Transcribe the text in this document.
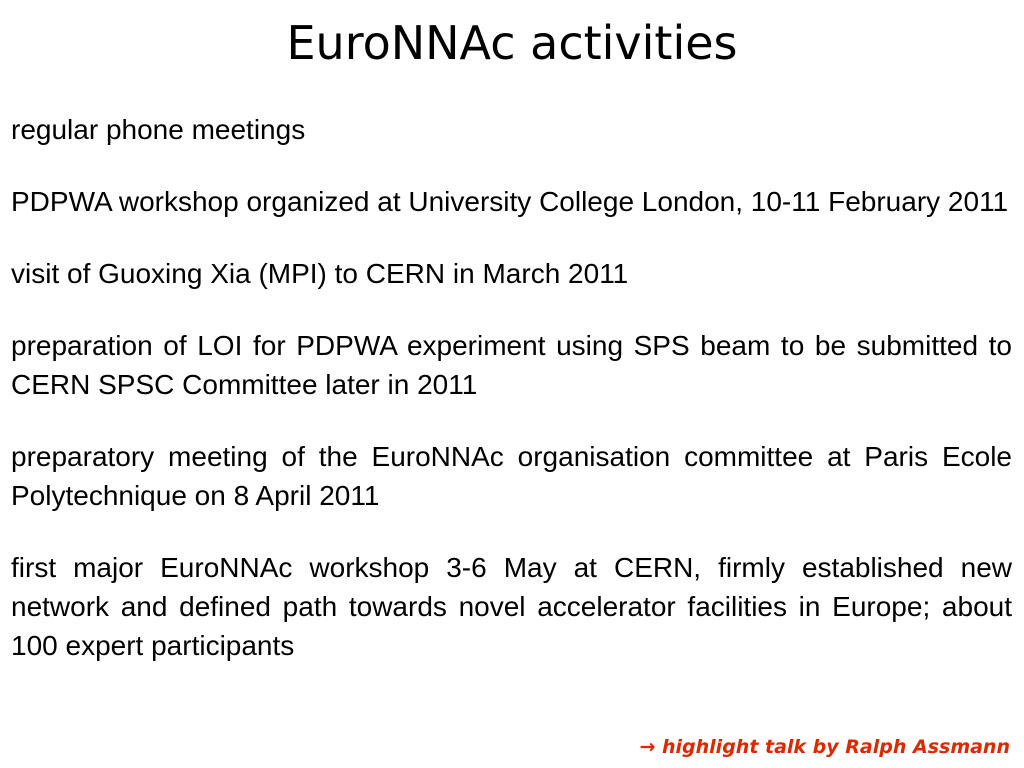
EuroNNAc activities
regular phone meetings
PDPWA workshop organized at University College London, 10-11 February 2011
visit of Guoxing Xia (MPI) to CERN in March 2011
preparation of LOI for PDPWA experiment using SPS beam to be submitted to CERN SPSC Committee later in 2011
preparatory meeting of the EuroNNAc organisation committee at Paris Ecole Polytechnique on 8 April 2011
first major EuroNNAc workshop 3-6 May at CERN, firmly established new network and defined path towards novel accelerator facilities in Europe; about 100 expert participants
→ highlight talk by Ralph Assmann
